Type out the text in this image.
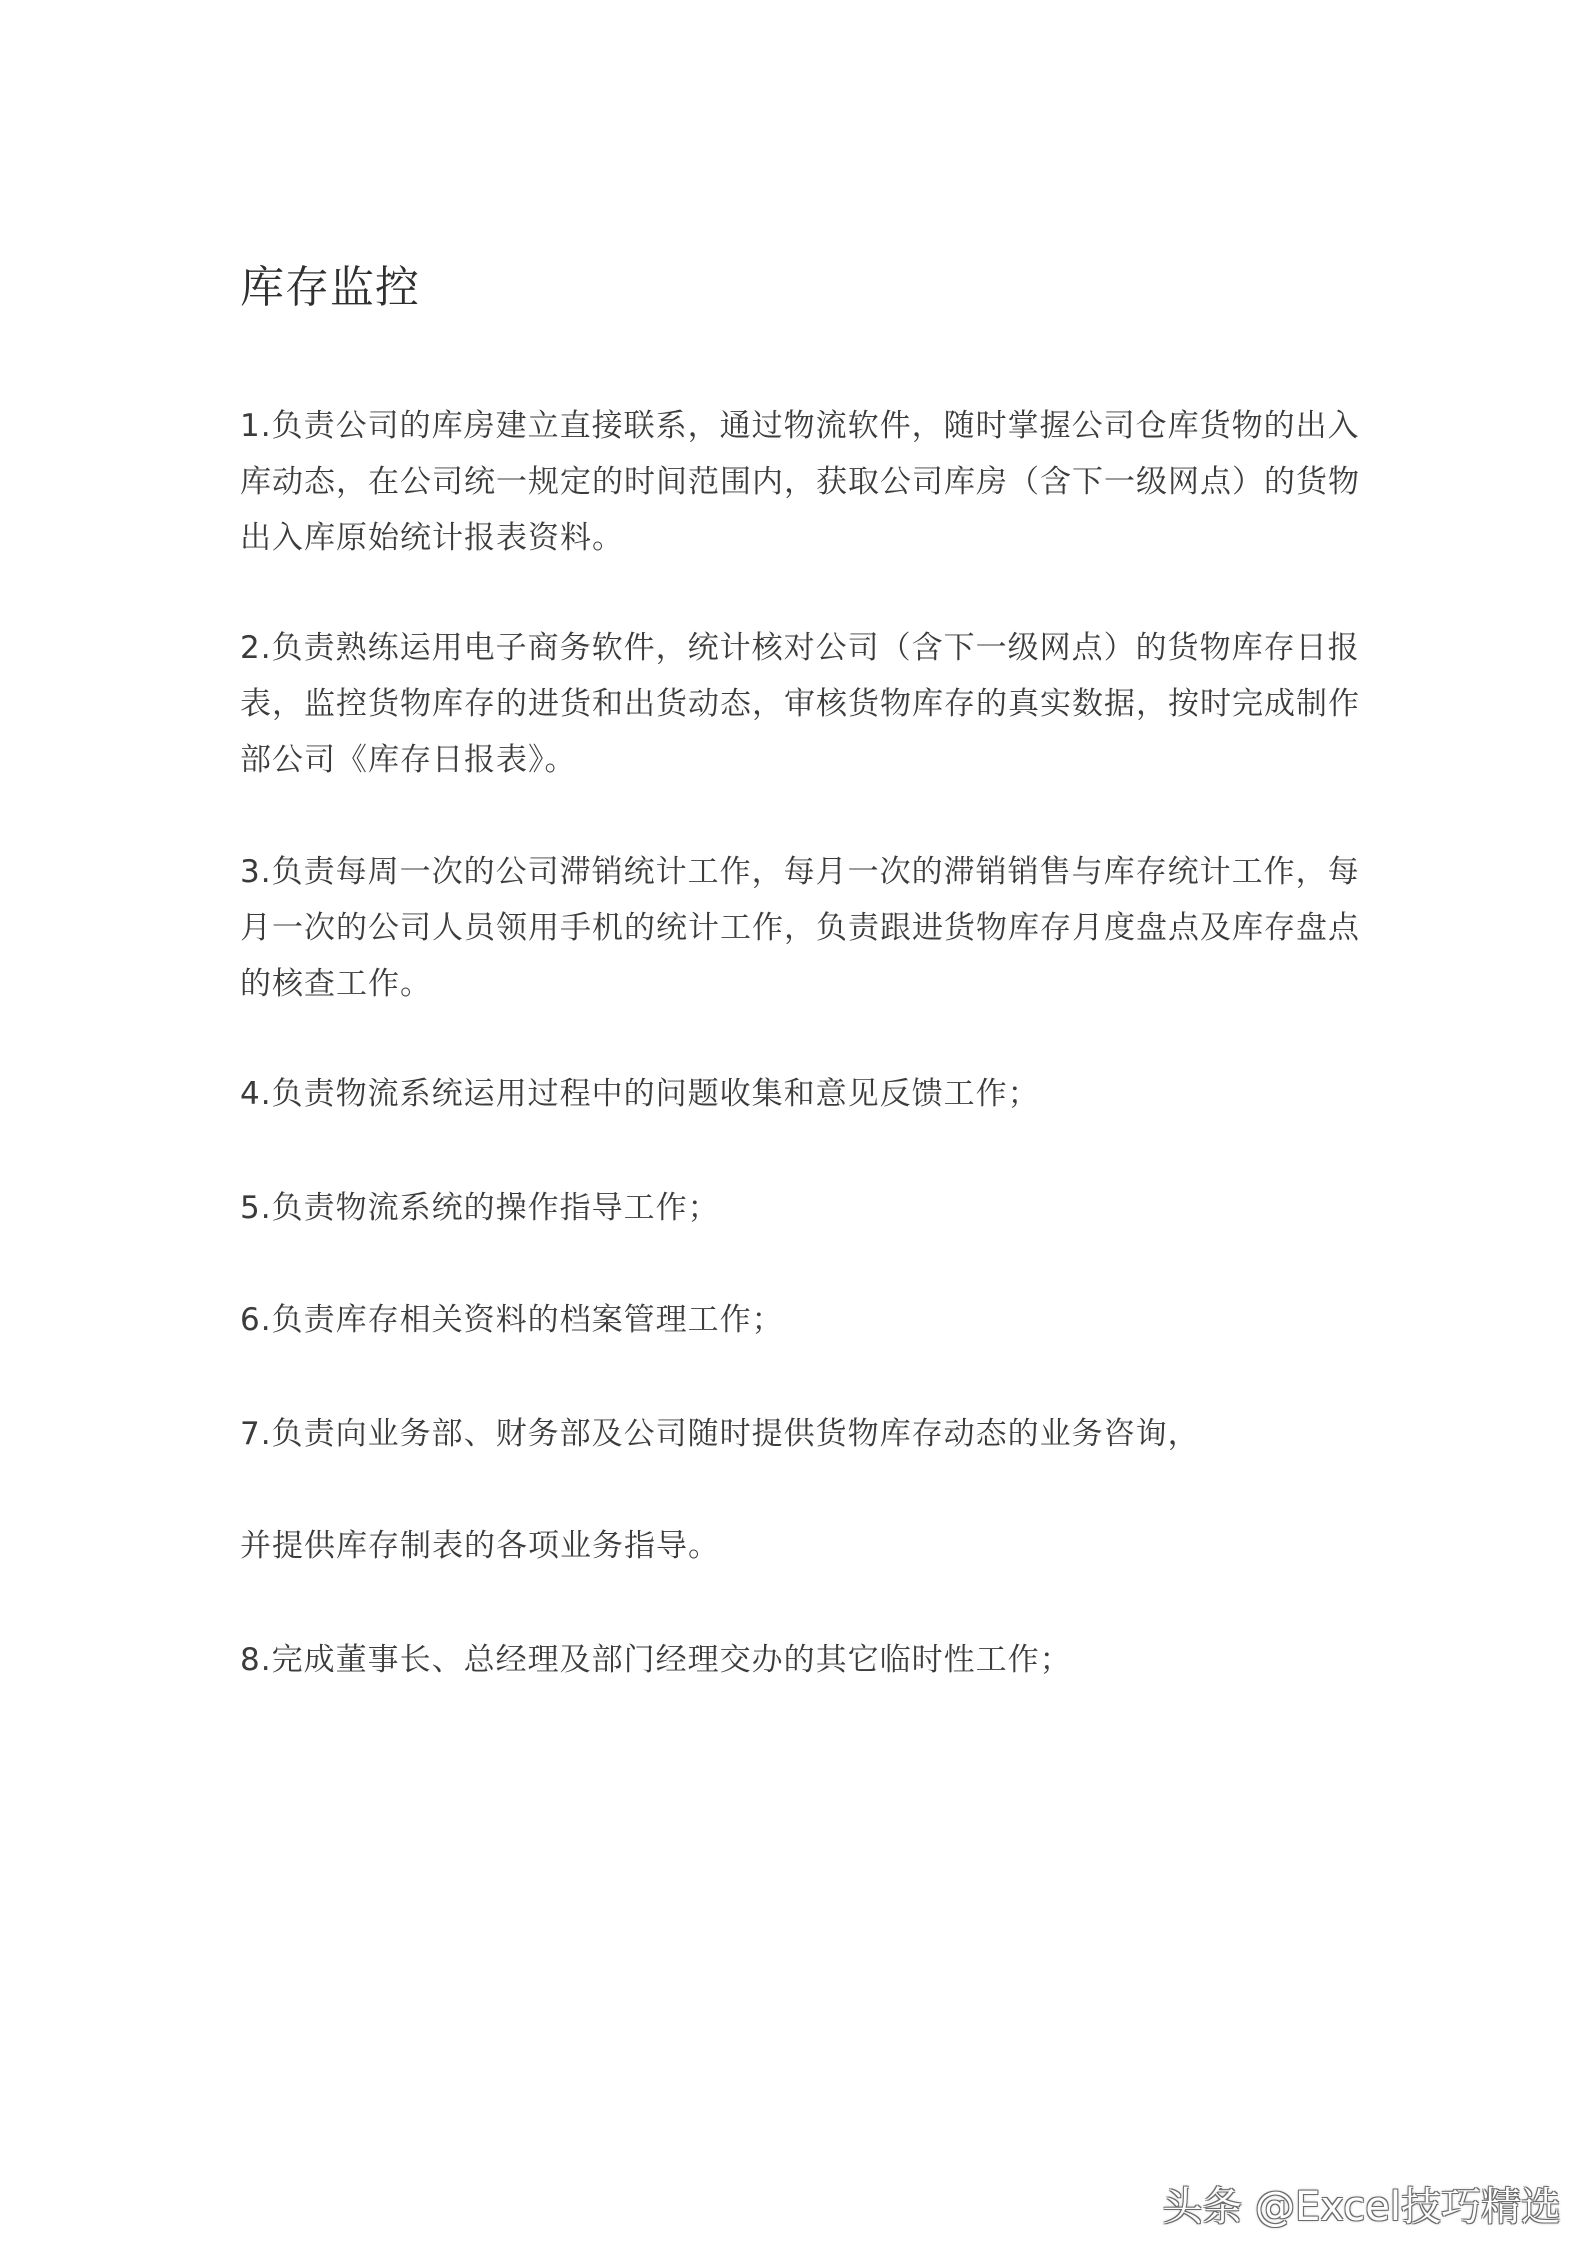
库存监控

1.负责公司的库房建立直接联系，通过物流软件，随时掌握公司仓库货物的出入库动态，在公司统一规定的时间范围内，获取公司库房（含下一级网点）的货物出入库原始统计报表资料。

2.负责熟练运用电子商务软件，统计核对公司（含下一级网点）的货物库存日报表，监控货物库存的进货和出货动态，审核货物库存的真实数据，按时完成制作部公司《库存日报表》。

3.负责每周一次的公司滞销统计工作，每月一次的滞销销售与库存统计工作，每月一次的公司人员领用手机的统计工作，负责跟进货物库存月度盘点及库存盘点的核查工作。

4.负责物流系统运用过程中的问题收集和意见反馈工作；

5.负责物流系统的操作指导工作；

6.负责库存相关资料的档案管理工作；

7.负责向业务部、财务部及公司随时提供货物库存动态的业务咨询，

并提供库存制表的各项业务指导。

8.完成董事长、总经理及部门经理交办的其它临时性工作；

头条 @Excel技巧精选
